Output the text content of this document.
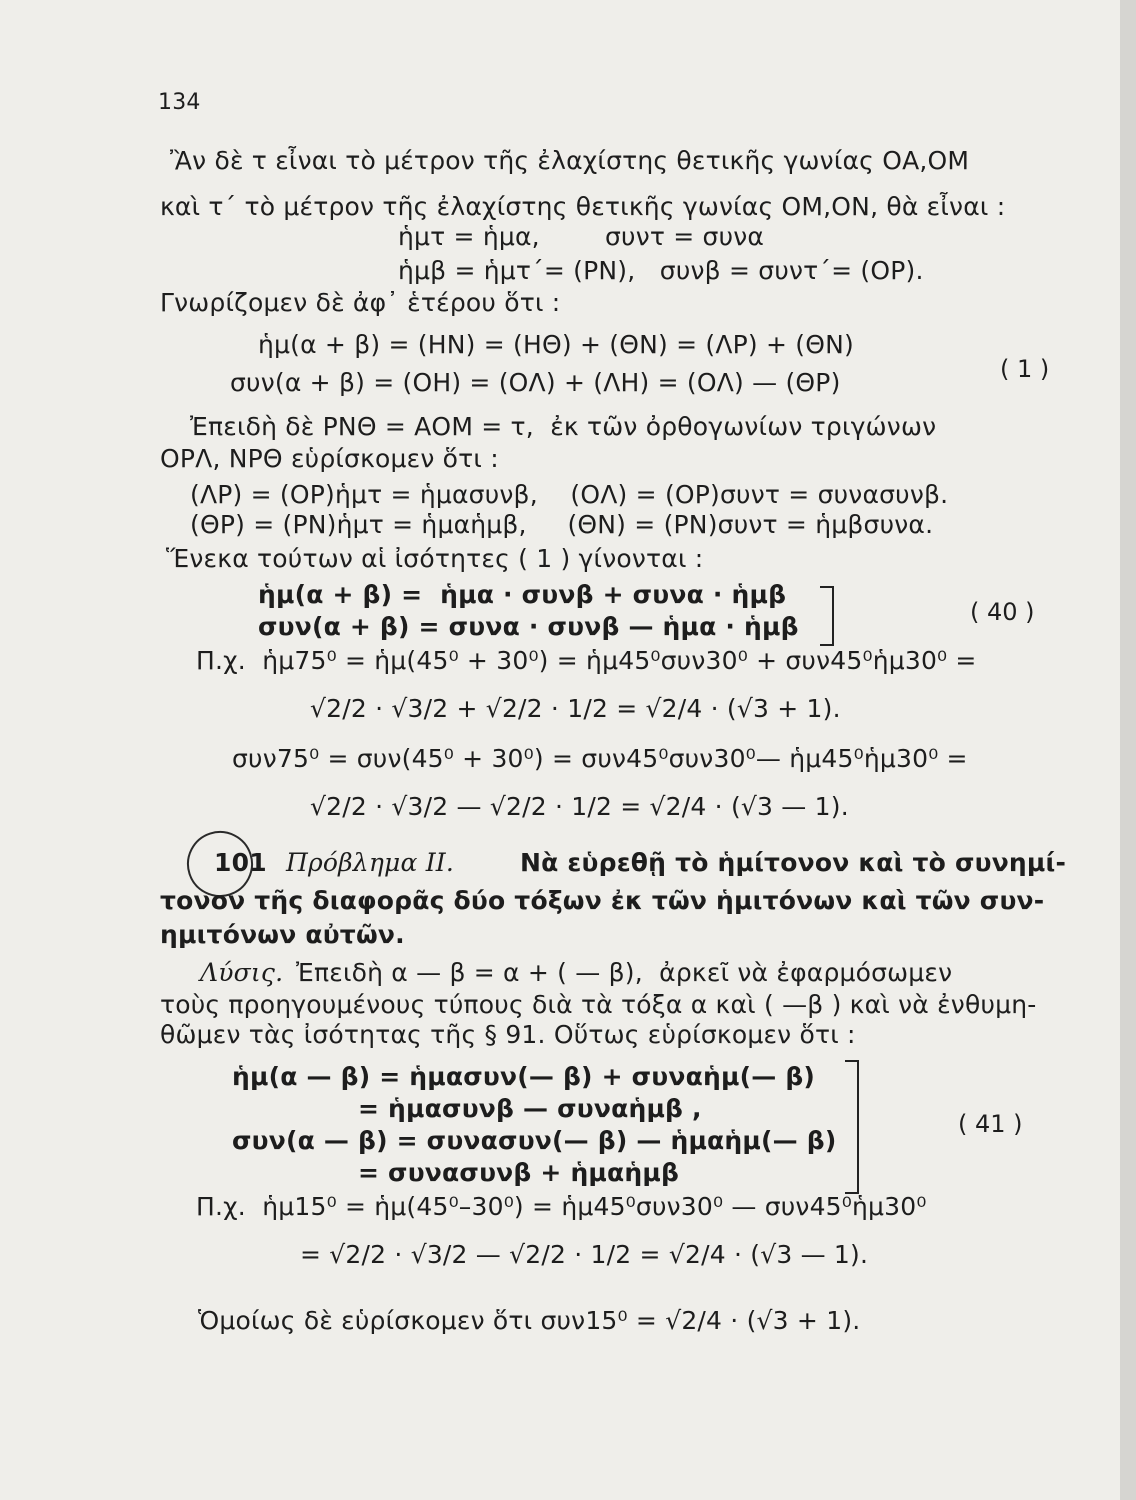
134
Ἂν δὲ τ εἶναι τὸ μέτρον τῆς ἐλαχίστης θετικῆς γωνίας ΟΑ,ΟΜ
καὶ τ΄ τὸ μέτρον τῆς ἐλαχίστης θετικῆς γωνίας ΟΜ,ΟΝ, θὰ εἶναι :
ἡμτ = ἡμα,        συντ = συνα
ἡμβ = ἡμτ΄= (ΡΝ),   συνβ = συντ΄= (ΟΡ).
Γνωρίζομεν δὲ ἀφ᾽ ἑτέρου ὅτι :
ἡμ(α + β) = (ΗΝ) = (ΗΘ) + (ΘΝ) = (ΛΡ) + (ΘΝ)
συν(α + β) = (ΟΗ) = (ΟΛ) + (ΛΗ) = (ΟΛ) — (ΘΡ)	( 1 )
Ἐπειδὴ δὲ ΡΝΘ = ΑΟΜ = τ,  ἐκ τῶν ὀρθογωνίων τριγώνων
ΟΡΛ, ΝΡΘ εὑρίσκομεν ὅτι :
(ΛΡ) = (ΟΡ)ἡμτ = ἡμασυνβ,    (ΟΛ) = (ΟΡ)συντ = συνασυνβ.
(ΘΡ) = (ΡΝ)ἡμτ = ἡμαἡμβ,     (ΘΝ) = (ΡΝ)συντ = ἡμβσυνα.
Ἕνεκα τούτων αἱ ἰσότητες ( 1 ) γίνονται :
ἡμ(α + β) =  ἡμα · συνβ + συνα · ἡμβ
συν(α + β) = συνα · συνβ — ἡμα · ἡμβ	( 40 )
Π.χ.  ἡμ75⁰ = ἡμ(45⁰ + 30⁰) = ἡμ45⁰συν30⁰ + συν45⁰ἡμ30⁰ =
√2/2 · √3/2 + √2/2 · 1/2 = √2/4 · (√3 + 1).
συν75⁰ = συν(45⁰ + 30⁰) = συν45⁰συν30⁰— ἡμ45⁰ἡμ30⁰ =
√2/2 · √3/2 — √2/2 · 1/2 = √2/4 · (√3 — 1).
101 Πρόβλημα ΙΙ.	Νὰ εὑρεθῇ τὸ ἡμίτονον καὶ τὸ συνημί-
τονον τῆς διαφορᾶς δύο τόξων ἐκ τῶν ἡμιτόνων καὶ τῶν συν-
ημιτόνων αὐτῶν.
Λύσις. Ἐπειδὴ α — β = α + ( — β),  ἀρκεῖ νὰ ἐφαρμόσωμεν
τοὺς προηγουμένους τύπους διὰ τὰ τόξα α καὶ ( —β ) καὶ νὰ ἐνθυμη-
θῶμεν τὰς ἰσότητας τῆς § 91. Οὕτως εὑρίσκομεν ὅτι :
ἡμ(α — β) = ἡμασυν(— β) + συναἡμ(— β)
= ἡμασυνβ — συναἡμβ ,
συν(α — β) = συνασυν(— β) — ἡμαἡμ(— β)
= συνασυνβ + ἡμαἡμβ
( 41 )
Π.χ.  ἡμ15⁰ = ἡμ(45⁰–30⁰) = ἡμ45⁰συν30⁰ — συν45⁰ἡμ30⁰
= √2/2 · √3/2 — √2/2 · 1/2 = √2/4 · (√3 — 1).
Ὁμοίως δὲ εὑρίσκομεν ὅτι συν15⁰ = √2/4 · (√3 + 1).
